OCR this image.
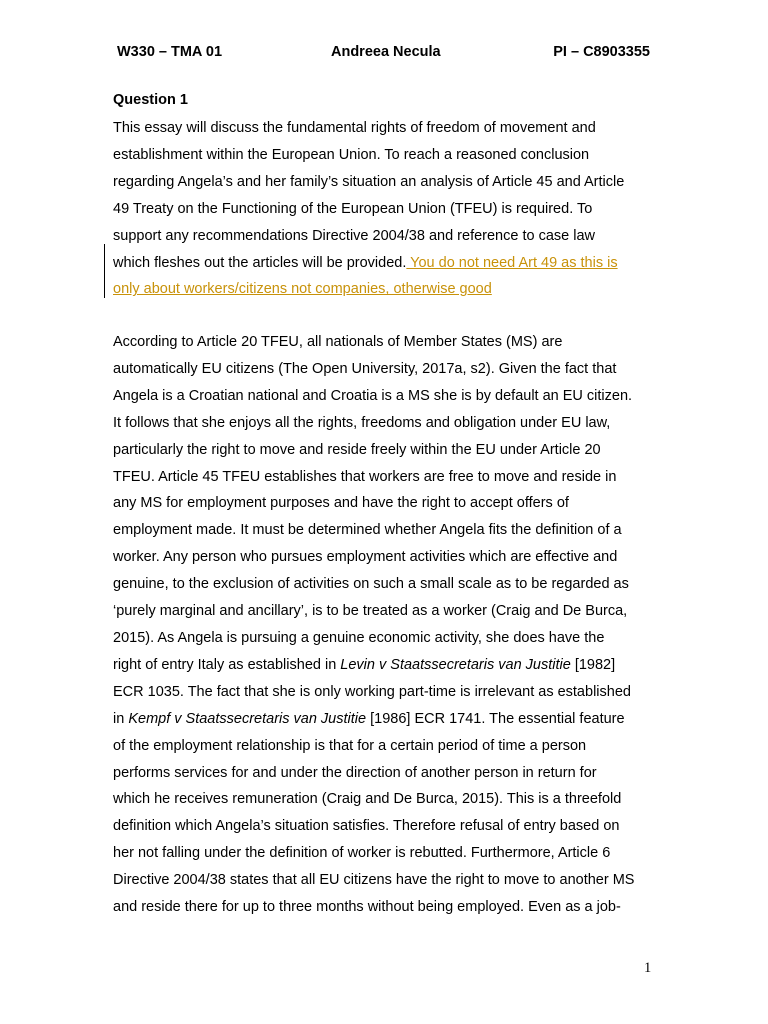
W330 – TMA 01	Andreea Necula	PI – C8903355
Question 1
This essay will discuss the fundamental rights of freedom of movement and
establishment within the European Union. To reach a reasoned conclusion
regarding Angela’s and her family’s situation an analysis of Article 45 and Article
49 Treaty on the Functioning of the European Union (TFEU) is required. To
support any recommendations Directive 2004/38 and reference to case law
which fleshes out the articles will be provided. You do not need Art 49 as this is
only about workers/citizens not companies, otherwise good
According to Article 20 TFEU, all nationals of Member States (MS) are
automatically EU citizens (The Open University, 2017a, s2). Given the fact that
Angela is a Croatian national and Croatia is a MS she is by default an EU citizen.
It follows that she enjoys all the rights, freedoms and obligation under EU law,
particularly the right to move and reside freely within the EU under Article 20
TFEU. Article 45 TFEU establishes that workers are free to move and reside in
any MS for employment purposes and have the right to accept offers of
employment made. It must be determined whether Angela fits the definition of a
worker. Any person who pursues employment activities which are effective and
genuine, to the exclusion of activities on such a small scale as to be regarded as
‘purely marginal and ancillary’, is to be treated as a worker (Craig and De Burca,
2015). As Angela is pursuing a genuine economic activity, she does have the
right of entry Italy as established in Levin v Staatssecretaris van Justitie [1982]
ECR 1035. The fact that she is only working part-time is irrelevant as established
in Kempf v Staatssecretaris van Justitie [1986] ECR 1741. The essential feature
of the employment relationship is that for a certain period of time a person
performs services for and under the direction of another person in return for
which he receives remuneration (Craig and De Burca, 2015). This is a threefold
definition which Angela’s situation satisfies. Therefore refusal of entry based on
her not falling under the definition of worker is rebutted. Furthermore, Article 6
Directive 2004/38 states that all EU citizens have the right to move to another MS
and reside there for up to three months without being employed. Even as a job-
1
